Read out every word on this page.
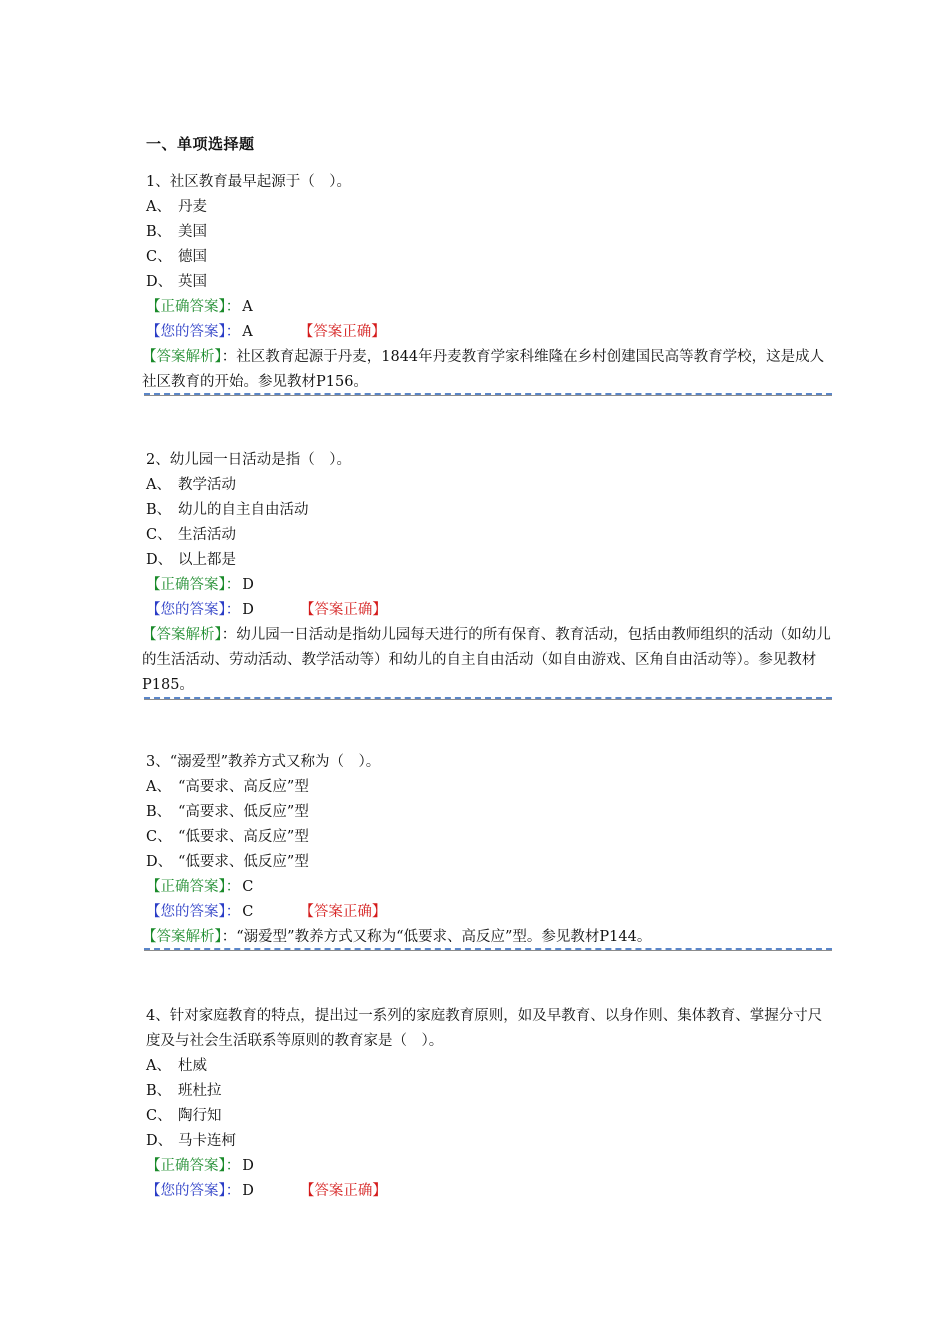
一、单项选择题
1、社区教育最早起源于（　）。
A、 丹麦
B、 美国
C、 德国
D、 英国
【正确答案】： A
【您的答案】： A	【答案正确】
【答案解析】：社区教育起源于丹麦，1844年丹麦教育学家科维隆在乡村创建国民高等教育学校，这是成人社区教育的开始。参见教材P156。
2、幼儿园一日活动是指（　）。
A、 教学活动
B、 幼儿的自主自由活动
C、 生活活动
D、 以上都是
【正确答案】： D
【您的答案】： D	【答案正确】
【答案解析】：幼儿园一日活动是指幼儿园每天进行的所有保育、教育活动，包括由教师组织的活动（如幼儿的生活活动、劳动活动、教学活动等）和幼儿的自主自由活动（如自由游戏、区角自由活动等）。参见教材P185。
3、“溺爱型”教养方式又称为（　）。
A、 “高要求、高反应”型
B、 “高要求、低反应”型
C、 “低要求、高反应”型
D、 “低要求、低反应”型
【正确答案】： C
【您的答案】： C	【答案正确】
【答案解析】：“溺爱型”教养方式又称为“低要求、高反应”型。参见教材P144。
4、针对家庭教育的特点，提出过一系列的家庭教育原则，如及早教育、以身作则、集体教育、掌握分寸尺度及与社会生活联系等原则的教育家是（　）。
A、 杜威
B、 班杜拉
C、 陶行知
D、 马卡连柯
【正确答案】： D
【您的答案】： D	【答案正确】
